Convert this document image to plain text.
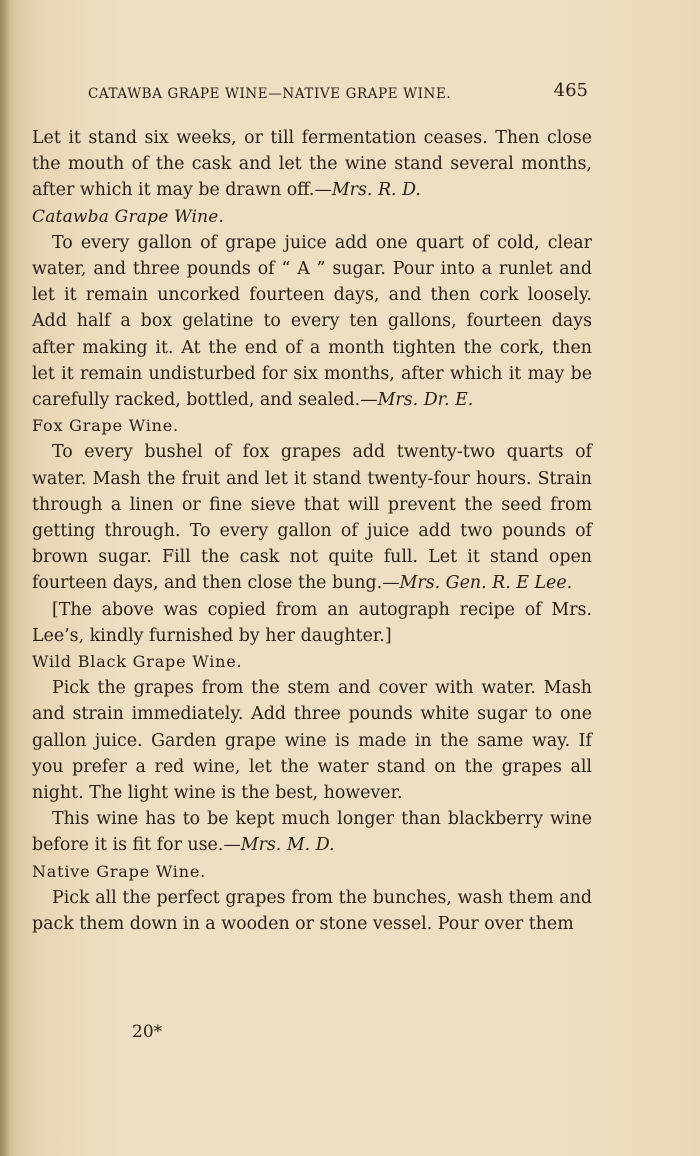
CATAWBA GRAPE WINE—NATIVE GRAPE WINE.	465

Let it stand six weeks, or till fermentation ceases. Then close the mouth of the cask and let the wine stand several months, after which it may be drawn off.—Mrs. R. D.

Catawba Grape Wine.

To every gallon of grape juice add one quart of cold, clear water, and three pounds of “ A ” sugar. Pour into a runlet and let it remain uncorked fourteen days, and then cork loosely. Add half a box gelatine to every ten gallons, fourteen days after making it. At the end of a month tighten the cork, then let it remain undisturbed for six months, after which it may be carefully racked, bottled, and sealed.—Mrs. Dr. E.

Fox Grape Wine.

To every bushel of fox grapes add twenty-two quarts of water. Mash the fruit and let it stand twenty-four hours. Strain through a linen or fine sieve that will prevent the seed from getting through. To every gallon of juice add two pounds of brown sugar. Fill the cask not quite full. Let it stand open fourteen days, and then close the bung.—Mrs. Gen. R. E Lee.

[The above was copied from an autograph recipe of Mrs. Lee’s, kindly furnished by her daughter.]

Wild Black Grape Wine.

Pick the grapes from the stem and cover with water. Mash and strain immediately. Add three pounds white sugar to one gallon juice. Garden grape wine is made in the same way. If you prefer a red wine, let the water stand on the grapes all night. The light wine is the best, however.

This wine has to be kept much longer than blackberry wine before it is fit for use.—Mrs. M. D.

Native Grape Wine.

Pick all the perfect grapes from the bunches, wash them and pack them down in a wooden or stone vessel. Pour over them

20*
